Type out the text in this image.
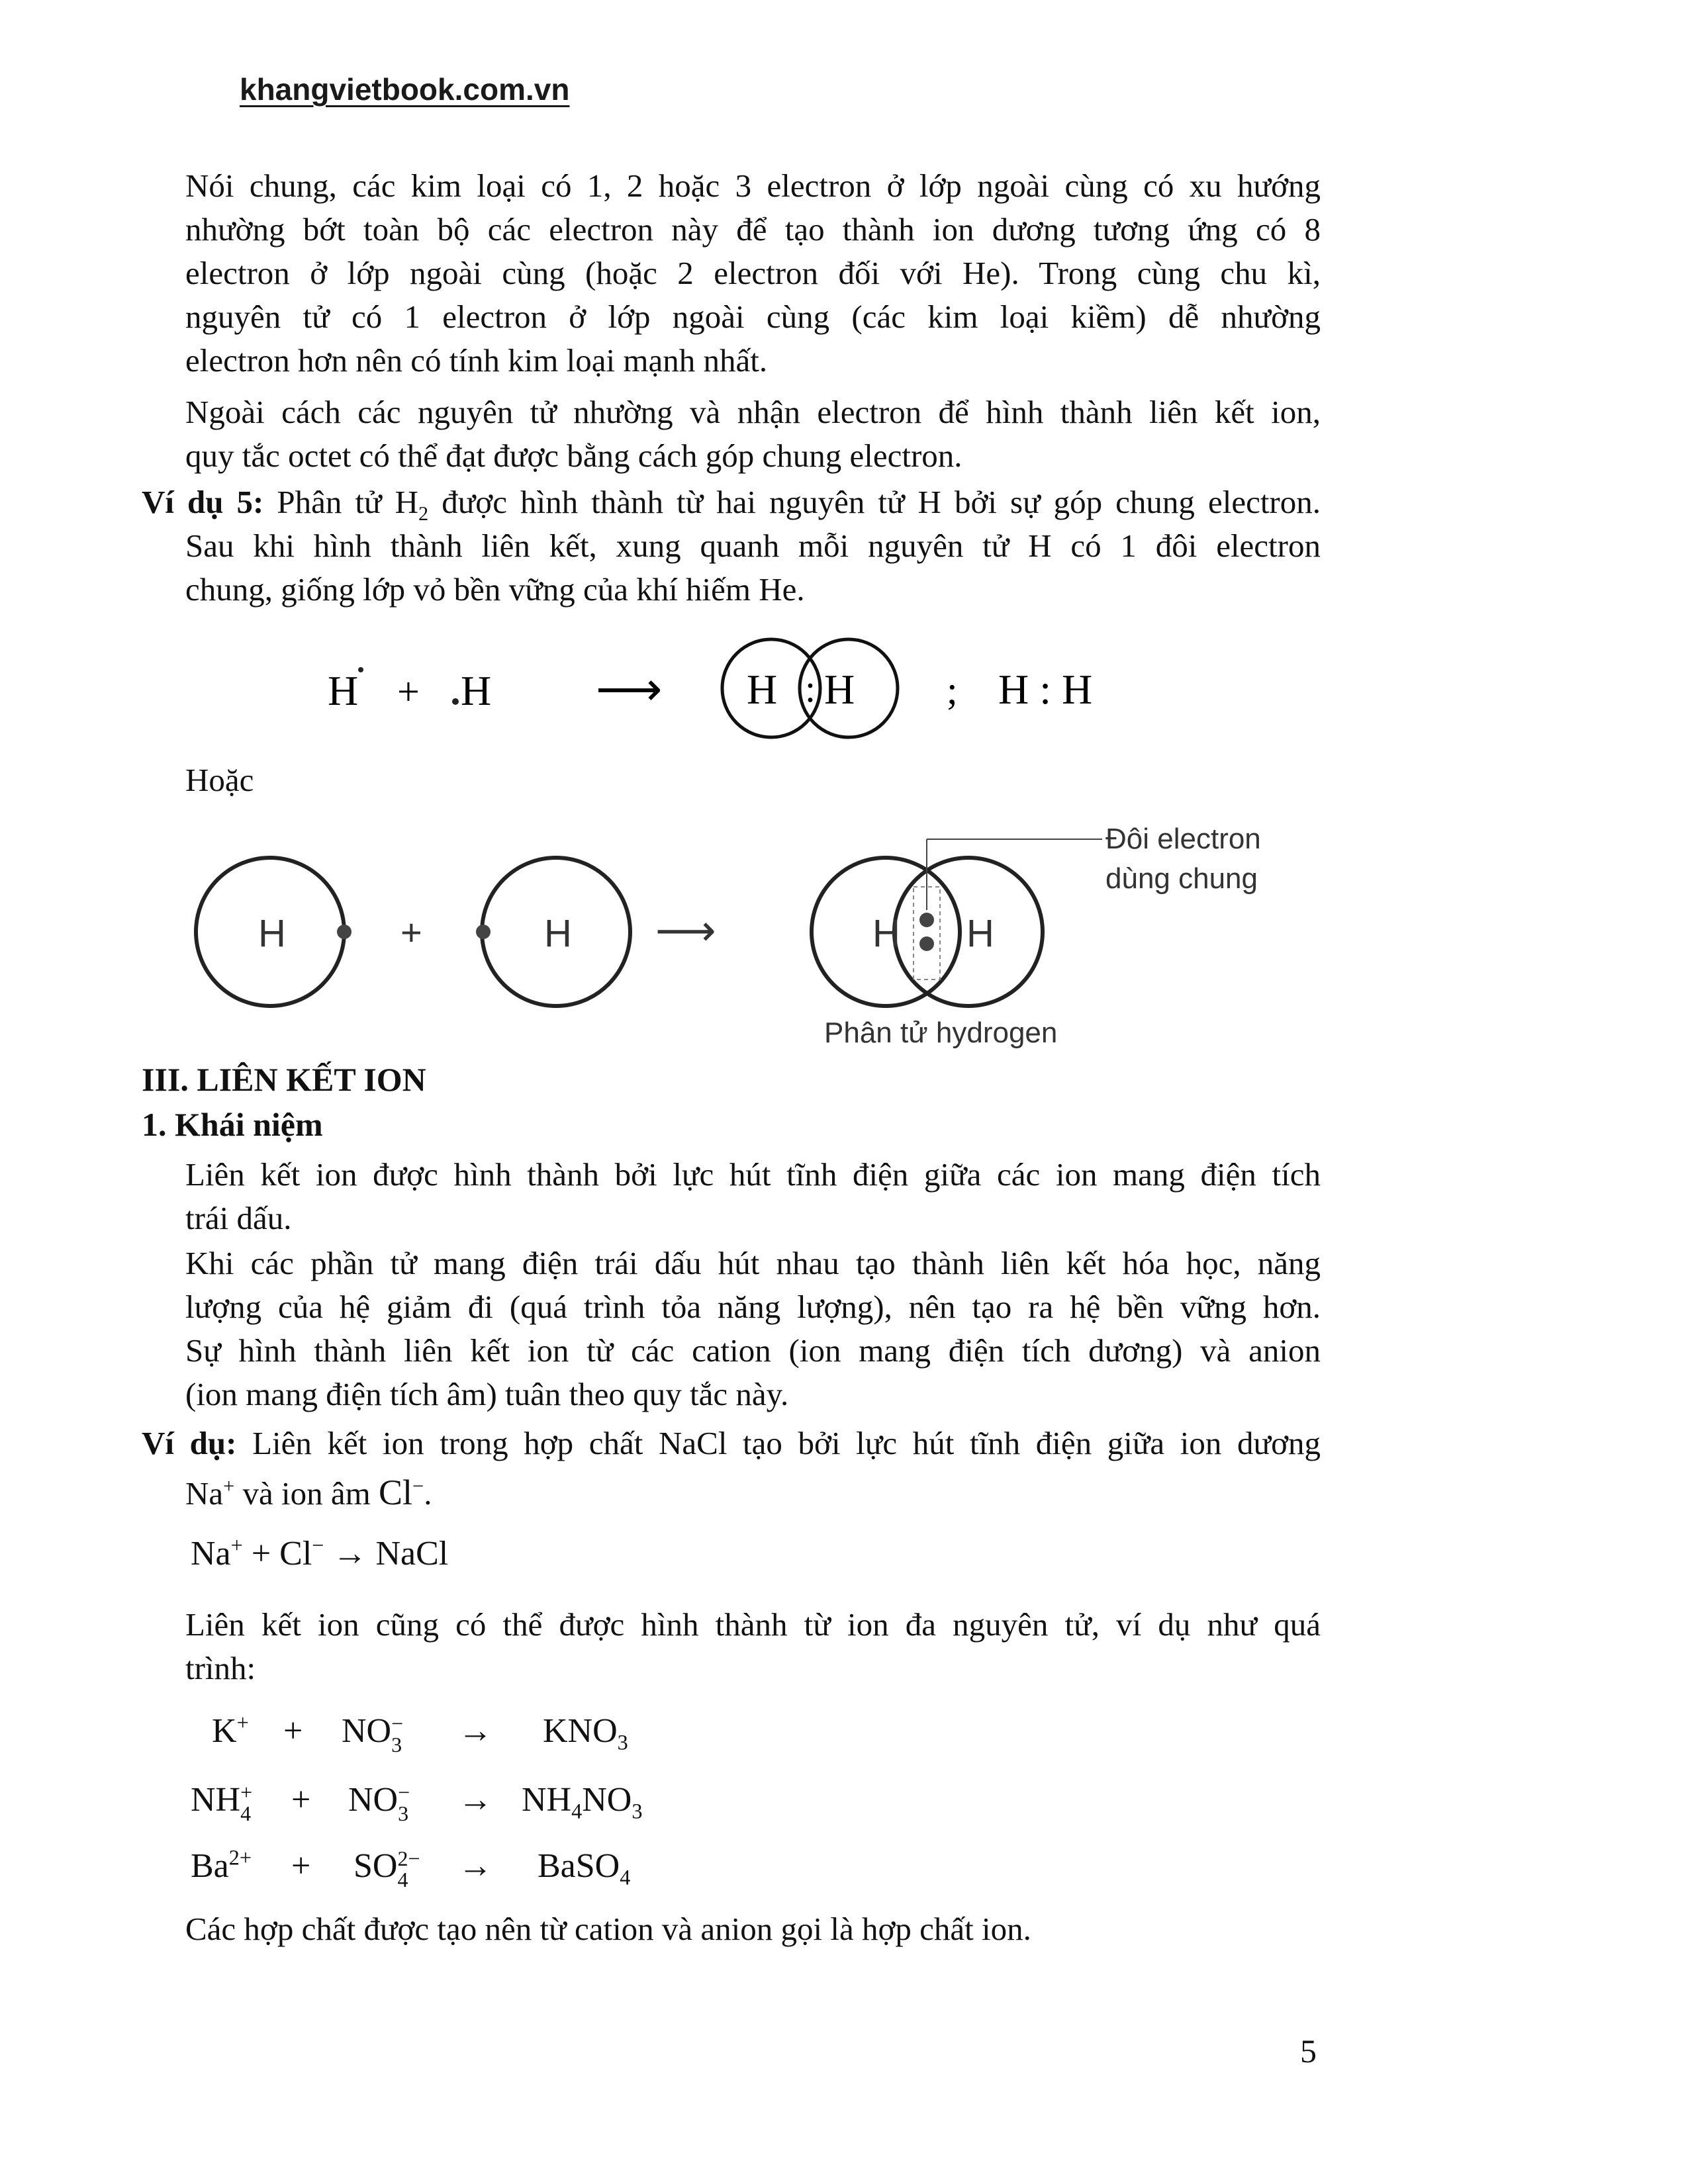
khangvietbook.com.vn
Nói chung, các kim loại có 1, 2 hoặc 3 electron ở lớp ngoài cùng có xu hướng
nhường bớt toàn bộ các electron này để tạo thành ion dương tương ứng có 8
electron ở lớp ngoài cùng (hoặc 2 electron đối với He). Trong cùng chu kì,
nguyên tử có 1 electron ở lớp ngoài cùng (các kim loại kiềm) dễ nhường
electron hơn nên có tính kim loại mạnh nhất.
Ngoài cách các nguyên tử nhường và nhận electron để hình thành liên kết ion,
quy tắc octet có thể đạt được bằng cách góp chung electron.
Ví dụ 5: Phân tử $H_2$ được hình thành từ hai nguyên tử H bởi sự góp chung electron.
Sau khi hình thành liên kết, xung quanh mỗi nguyên tử H có 1 đôi electron
chung, giống lớp vỏ bền vững của khí hiếm He.
H + H ⟶ H : H ; H : H
Hoặc
H	+	H ⟶	H H
Đôi electron
dùng chung
Phân tử hydrogen
III. LIÊN KẾT ION
1. Khái niệm
Liên kết ion được hình thành bởi lực hút tĩnh điện giữa các ion mang điện tích
trái dấu.
Khi các phần tử mang điện trái dấu hút nhau tạo thành liên kết hóa học, năng
lượng của hệ giảm đi (quá trình tỏa năng lượng), nên tạo ra hệ bền vững hơn.
Sự hình thành liên kết ion từ các cation (ion mang điện tích dương) và anion
(ion mang điện tích âm) tuân theo quy tắc này.
Ví dụ: Liên kết ion trong hợp chất NaCl tạo bởi lực hút tĩnh điện giữa ion dương
Na+ và ion âm Cl−.
Na+ + Cl− → NaCl
Liên kết ion cũng có thể được hình thành từ ion đa nguyên tử, ví dụ như quá
trình:
K+ + NO −
$3 \to KNO_3$
NH +
4 + NO −
$3 \to NH_4NO_3$
$Ba^{2+}$ + SO 2−
4	→ BaSO$_4$
Các hợp chất được tạo nên từ cation và anion gọi là hợp chất ion.
5
